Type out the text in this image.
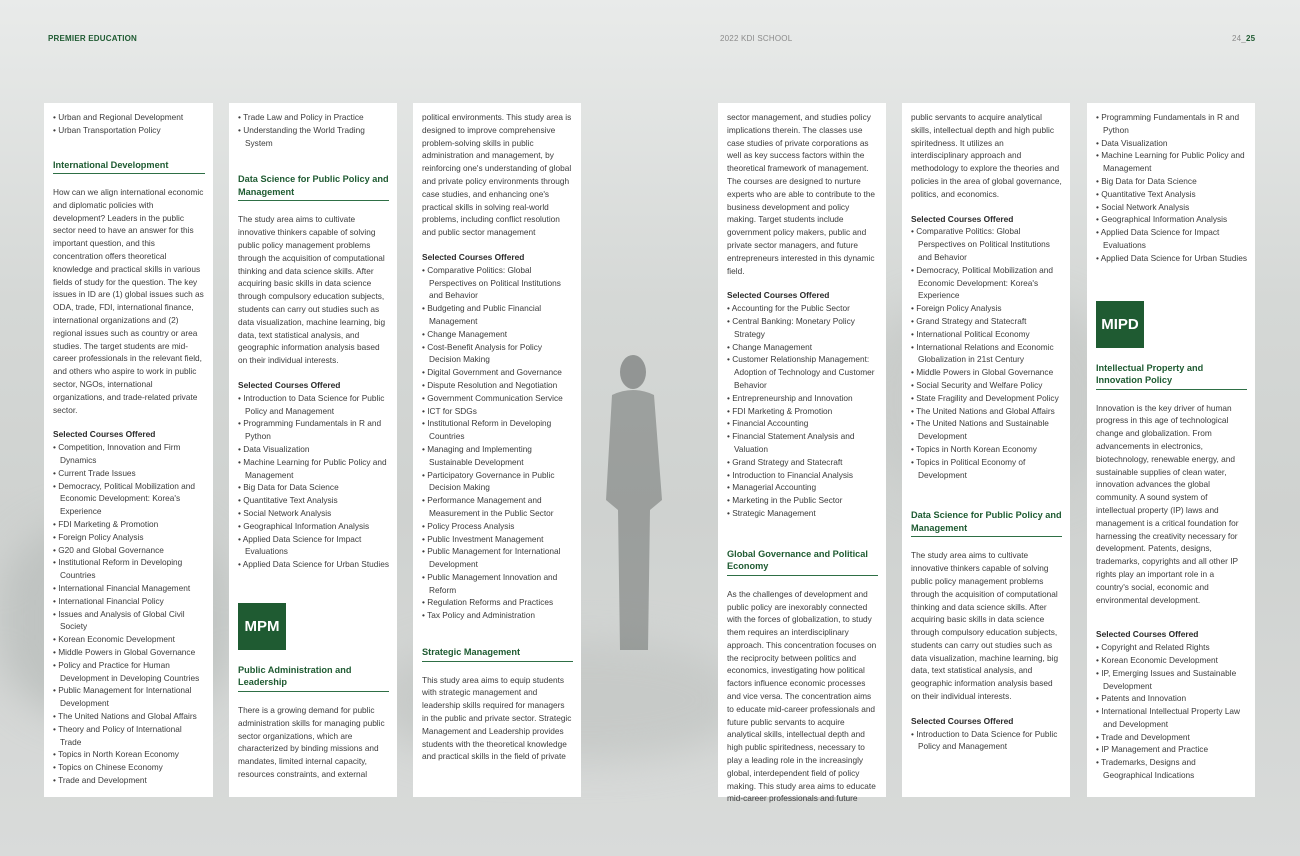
PREMIER EDUCATION	2022 KDI SCHOOL	24_25
• Urban and Regional Development
• Urban Transportation Policy
International Development

How can we align international economic and diplomatic policies with development? Leaders in the public sector need to have an answer for this important question, and this concentration offers theoretical knowledge and practical skills in various fields of study for the question. The key issues in ID are (1) global issues such as ODA, trade, FDI, international finance, international organizations and (2) regional issues such as country or area studies. The target students are mid-career professionals in the relevant field, and others who aspire to work in public sector, NGOs, international organizations, and trade-related private sector.

Selected Courses Offered
• Competition, Innovation and Firm Dynamics
• Current Trade Issues
• Democracy, Political Mobilization and Economic Development: Korea's Experience
• FDI Marketing & Promotion
• Foreign Policy Analysis
• G20 and Global Governance
• Institutional Reform in Developing Countries
• International Financial Management
• International Financial Policy
• Issues and Analysis of Global Civil Society
• Korean Economic Development
• Middle Powers in Global Governance
• Policy and Practice for Human Development in Developing Countries
• Public Management for International Development
• The United Nations and Global Affairs
• Theory and Policy of International Trade
• Topics in North Korean Economy
• Topics on Chinese Economy
• Trade and Development
• Trade Law and Policy in Practice
• Understanding the World Trading System
Data Science for Public Policy and Management

The study area aims to cultivate innovative thinkers capable of solving public policy management problems through the acquisition of computational thinking and data science skills. After acquiring basic skills in data science through compulsory education subjects, students can carry out studies such as data visualization, machine learning, big data, text statistical analysis, and geographic information analysis based on their individual interests.

Selected Courses Offered
• Introduction to Data Science for Public Policy and Management
• Programming Fundamentals in R and Python
• Data Visualization
• Machine Learning for Public Policy and Management
• Big Data for Data Science
• Quantitative Text Analysis
• Social Network Analysis
• Geographical Information Analysis
• Applied Data Science for Impact Evaluations
• Applied Data Science for Urban Studies
MPM
Public Administration and Leadership

There is a growing demand for public administration skills for managing public sector organizations, which are characterized by binding missions and mandates, limited internal capacity, resources constraints, and external

political environments. This study area is designed to improve comprehensive problem-solving skills in public administration and management, by reinforcing one's understanding of global and private policy environments through case studies, and enhancing one's practical skills in solving real-world problems, including conflict resolution and public sector management

Selected Courses Offered
• Comparative Politics: Global Perspectives on Political Institutions and Behavior
• Budgeting and Public Financial Management
• Change Management
• Cost-Benefit Analysis for Policy Decision Making
• Digital Government and Governance
• Dispute Resolution and Negotiation
• Government Communication Service
• ICT for SDGs
• Institutional Reform in Developing Countries
• Managing and Implementing Sustainable Development
• Participatory Governance in Public Decision Making
• Performance Management and Measurement in the Public Sector
• Policy Process Analysis
• Public Investment Management
• Public Management for International Development
• Public Management Innovation and Reform
• Regulation Reforms and Practices
• Tax Policy and Administration
Strategic Management

This study area aims to equip students with strategic management and leadership skills required for managers in the public and private sector. Strategic Management and Leadership provides students with the theoretical knowledge and practical skills in the field of private

sector management, and studies policy implications therein. The classes use case studies of private corporations as well as key success factors within the theoretical framework of management. The courses are designed to nurture experts who are able to contribute to the business development and policy making. Target students include government policy makers, public and private sector managers, and future entrepreneurs interested in this dynamic field.

Selected Courses Offered
• Accounting for the Public Sector
• Central Banking: Monetary Policy Strategy
• Change Management
• Customer Relationship Management: Adoption of Technology and Customer Behavior
• Entrepreneurship and Innovation
• FDI Marketing & Promotion
• Financial Accounting
• Financial Statement Analysis and Valuation
• Grand Strategy and Statecraft
• Introduction to Financial Analysis
• Managerial Accounting
• Marketing in the Public Sector
• Strategic Management
Global Governance and Political Economy

As the challenges of development and public policy are inexorably connected with the forces of globalization, to study them requires an interdisciplinary approach. This concentration focuses on the reciprocity between politics and economics, investigating how political factors influence economic processes and vice versa. The concentration aims to educate mid-career professionals and future public servants to acquire analytical skills, intellectual depth and high public spiritedness, necessary to play a leading role in the increasingly global, interdependent field of policy making. This study area aims to educate mid-career professionals and future

public servants to acquire analytical skills, intellectual depth and high public spiritedness. It utilizes an interdisciplinary approach and methodology to explore the theories and policies in the area of global governance, politics, and economics.

Selected Courses Offered
• Comparative Politics: Global Perspectives on Political Institutions and Behavior
• Democracy, Political Mobilization and Economic Development: Korea's Experience
• Foreign Policy Analysis
• Grand Strategy and Statecraft
• International Political Economy
• International Relations and Economic Globalization in 21st Century
• Middle Powers in Global Governance
• Social Security and Welfare Policy
• State Fragility and Development Policy
• The United Nations and Global Affairs
• The United Nations and Sustainable Development
• Topics in North Korean Economy
• Topics in Political Economy of Development
Data Science for Public Policy and Management

The study area aims to cultivate innovative thinkers capable of solving public policy management problems through the acquisition of computational thinking and data science skills. After acquiring basic skills in data science through compulsory education subjects, students can carry out studies such as data visualization, machine learning, big data, text statistical analysis, and geographic information analysis based on their individual interests.

Selected Courses Offered
• Introduction to Data Science for Public Policy and Management
• Programming Fundamentals in R and Python
• Data Visualization
• Machine Learning for Public Policy and Management
• Big Data for Data Science
• Quantitative Text Analysis
• Social Network Analysis
• Geographical Information Analysis
• Applied Data Science for Impact Evaluations
• Applied Data Science for Urban Studies
MIPD
Intellectual Property and Innovation Policy

Innovation is the key driver of human progress in this age of technological change and globalization. From advancements in electronics, biotechnology, renewable energy, and sustainable supplies of clean water, innovation advances the global community. A sound system of intellectual property (IP) laws and management is a critical foundation for harnessing the creativity necessary for development. Patents, designs, trademarks, copyrights and all other IP rights play an important role in a country's social, economic and environmental development.

Selected Courses Offered
• Copyright and Related Rights
• Korean Economic Development
• IP, Emerging Issues and Sustainable Development
• Patents and Innovation
• International Intellectual Property Law and Development
• Trade and Development
• IP Management and Practice
• Trademarks, Designs and Geographical Indications
